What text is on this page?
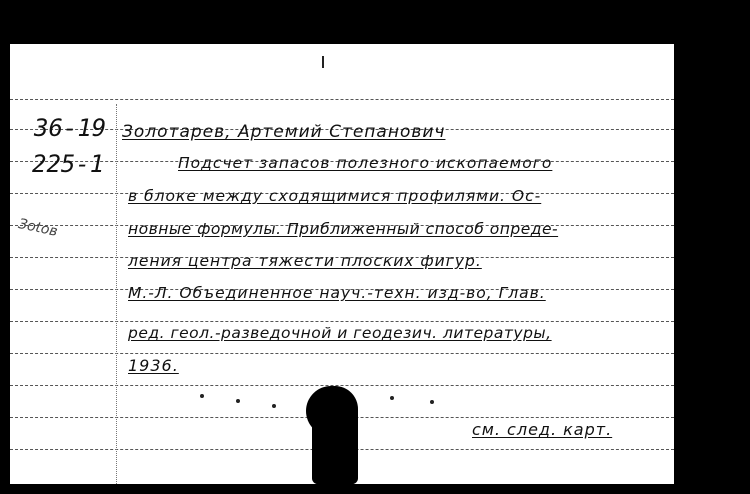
36-19
225-1
Зotoв
Золотарев, Артемий Степанович
Подсчет запасов полезного ископаемого
в блоке между сходящимися профилями. Ос-
новные формулы. Приближенный способ опреде-
ления центра тяжести плоских фигур.
М.-Л. Объединенное науч.-техн. изд-во, Глав.
ред. геол.-разведочной и геодезич. литературы,
1936.
см. след. карт.
